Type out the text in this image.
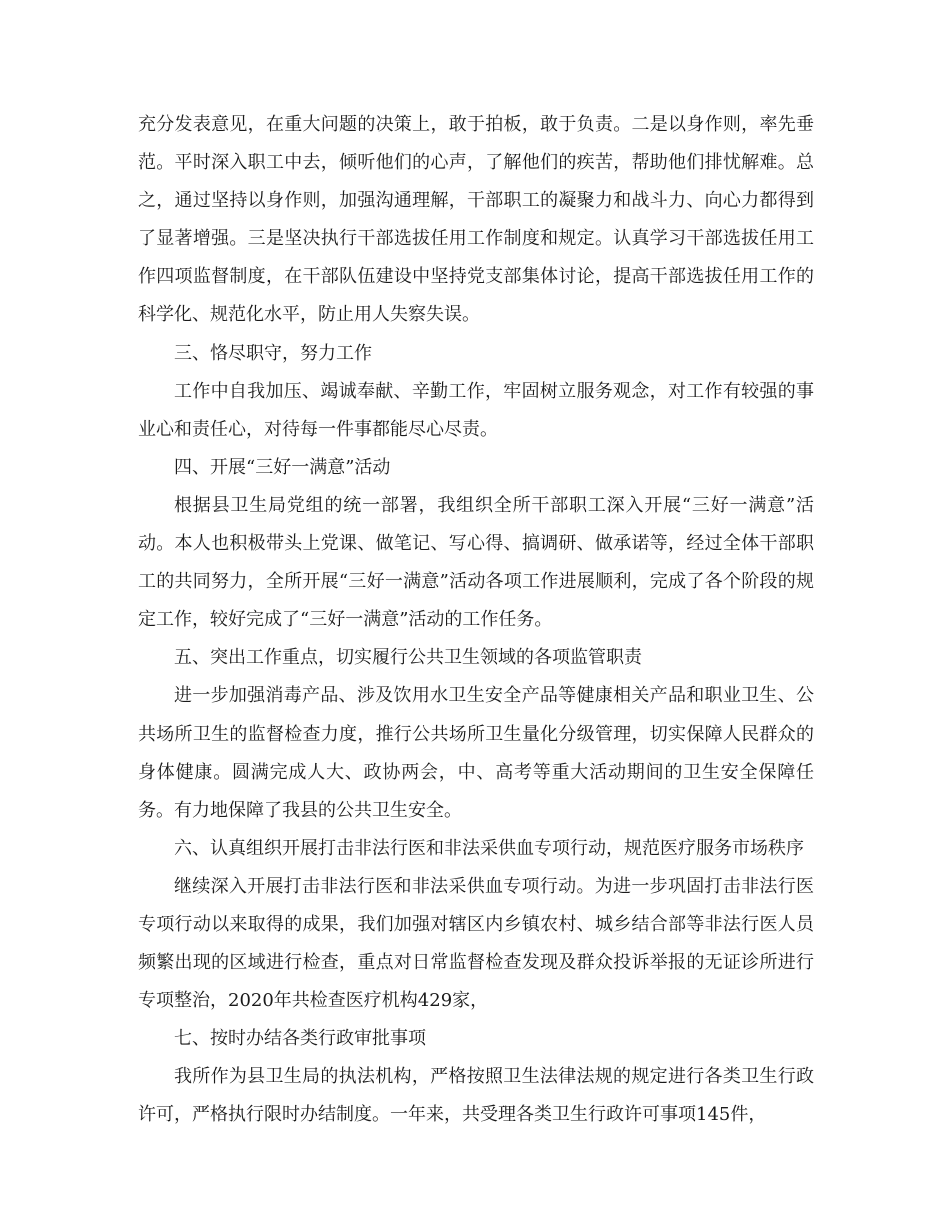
充分发表意见，在重大问题的决策上，敢于拍板，敢于负责。二是以身作则，率先垂范。平时深入职工中去，倾听他们的心声，了解他们的疾苦，帮助他们排忧解难。总之，通过坚持以身作则，加强沟通理解，干部职工的凝聚力和战斗力、向心力都得到了显著增强。三是坚决执行干部选拔任用工作制度和规定。认真学习干部选拔任用工作四项监督制度，在干部队伍建设中坚持党支部集体讨论，提高干部选拔任用工作的科学化、规范化水平，防止用人失察失误。

三、恪尽职守，努力工作

工作中自我加压、竭诚奉献、辛勤工作，牢固树立服务观念，对工作有较强的事业心和责任心，对待每一件事都能尽心尽责。

四、开展“三好一满意”活动

根据县卫生局党组的统一部署，我组织全所干部职工深入开展“三好一满意”活动。本人也积极带头上党课、做笔记、写心得、搞调研、做承诺等，经过全体干部职工的共同努力，全所开展“三好一满意”活动各项工作进展顺利，完成了各个阶段的规定工作，较好完成了“三好一满意”活动的工作任务。

五、突出工作重点，切实履行公共卫生领域的各项监管职责

进一步加强消毒产品、涉及饮用水卫生安全产品等健康相关产品和职业卫生、公共场所卫生的监督检查力度，推行公共场所卫生量化分级管理，切实保障人民群众的身体健康。圆满完成人大、政协两会，中、高考等重大活动期间的卫生安全保障任务。有力地保障了我县的公共卫生安全。

六、认真组织开展打击非法行医和非法采供血专项行动，规范医疗服务市场秩序

继续深入开展打击非法行医和非法采供血专项行动。为进一步巩固打击非法行医专项行动以来取得的成果，我们加强对辖区内乡镇农村、城乡结合部等非法行医人员频繁出现的区域进行检查，重点对日常监督检查发现及群众投诉举报的无证诊所进行专项整治，2020年共检查医疗机构429家，

七、按时办结各类行政审批事项

我所作为县卫生局的执法机构，严格按照卫生法律法规的规定进行各类卫生行政许可，严格执行限时办结制度。一年来，共受理各类卫生行政许可事项145件，
